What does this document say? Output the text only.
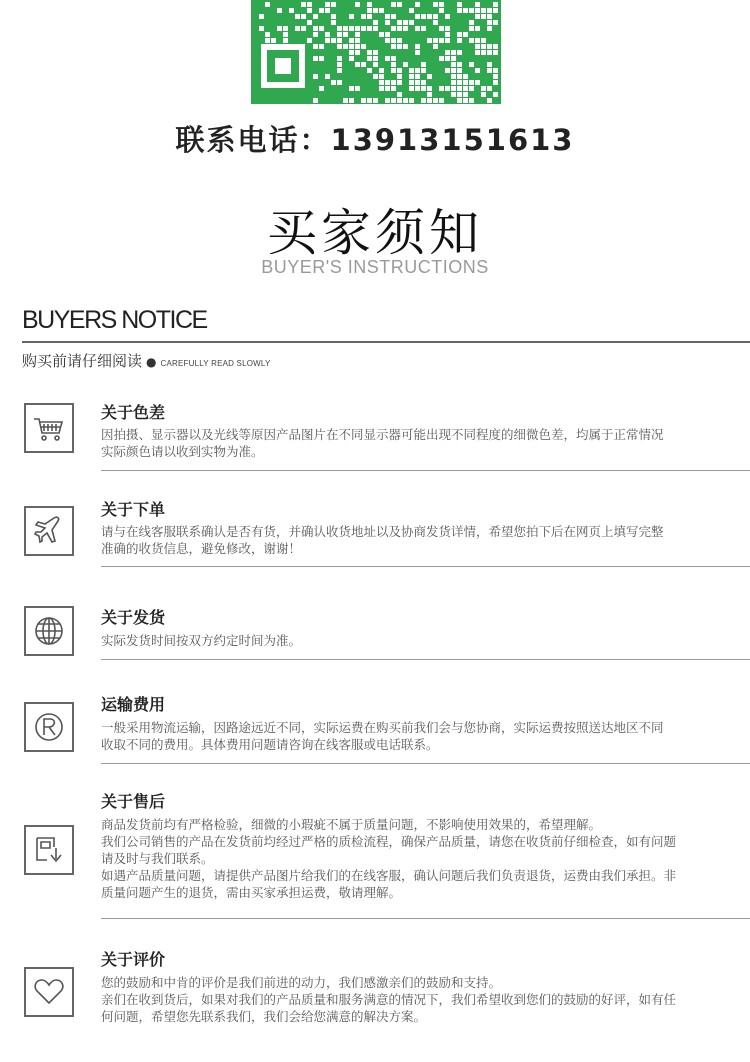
联系电话：13913151613
买家须知
BUYER'S INSTRUCTIONS
BUYERS NOTICE
购买前请仔细阅读 ● CAREFULLY READ SLOWLY
关于色差

因拍摄、显示器以及光线等原因产品图片在不同显示器可能出现不同程度的细微色差，均属于正常情况

实际颜色请以收到实物为准。

关于下单

请与在线客服联系确认是否有货，并确认收货地址以及协商发货详情，希望您拍下后在网页上填写完整

准确的收货信息，避免修改，谢谢！

关于发货

实际发货时间按双方约定时间为准。

运输费用

一般采用物流运输，因路途远近不同，实际运费在购买前我们会与您协商，实际运费按照送达地区不同

收取不同的费用。具体费用问题请咨询在线客服或电话联系。

关于售后

商品发货前均有严格检验，细微的小瑕疵不属于质量问题，不影响使用效果的，希望理解。

我们公司销售的产品在发货前均经过严格的质检流程，确保产品质量，请您在收货前仔细检查，如有问题

请及时与我们联系。

如遇产品质量问题，请提供产品图片给我们的在线客服，确认问题后我们负责退货，运费由我们承担。非

质量问题产生的退货，需由买家承担运费，敬请理解。

关于评价

您的鼓励和中肯的评价是我们前进的动力，我们感激亲们的鼓励和支持。

亲们在收到货后，如果对我们的产品质量和服务满意的情况下，我们希望收到您们的鼓励的好评，如有任

何问题，希望您先联系我们，我们会给您满意的解决方案。
